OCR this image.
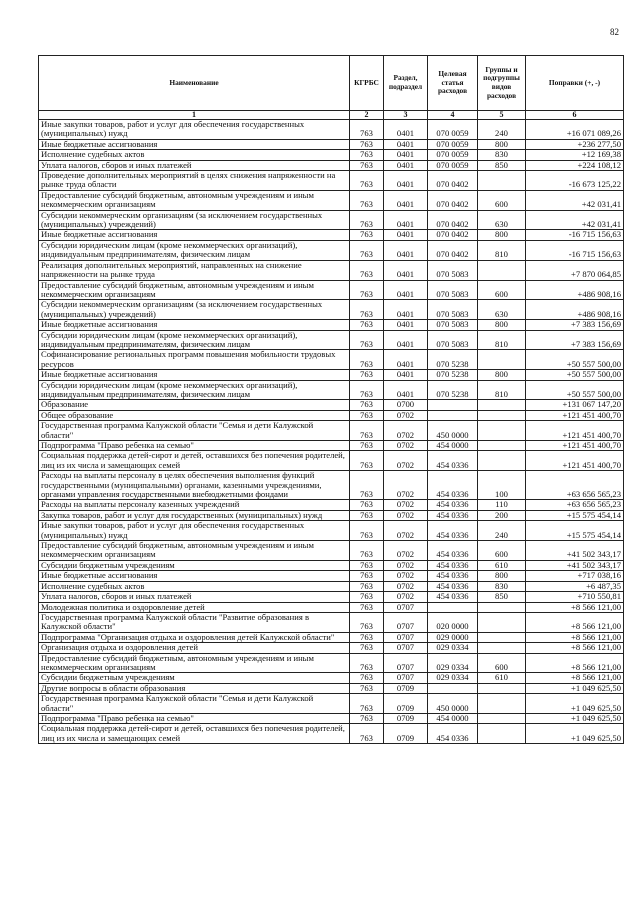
82
Наименование	КГРБС	Раздел, подраздел	Целевая статья расходов	Группы и подгруппы видов расходов	Поправки (+, -)
1	2	3	4	5	6
Иные закупки товаров, работ и услуг для обеспечения государственных (муниципальных) нужд	763	0401	070 0059	240	+16 071 089,26
Иные бюджетные ассигнования	763	0401	070 0059	800	+236 277,50
Исполнение судебных актов	763	0401	070 0059	830	+12 169,38
Уплата налогов, сборов и иных платежей	763	0401	070 0059	850	+224 108,12
Проведение дополнительных мероприятий в целях снижения напряженности на рынке труда области	763	0401	070 0402		-16 673 125,22
Предоставление субсидий бюджетным, автономным учреждениям и иным некоммерческим организациям	763	0401	070 0402	600	+42 031,41
Субсидии некоммерческим организациям (за исключением государственных (муниципальных) учреждений)	763	0401	070 0402	630	+42 031,41
Иные бюджетные ассигнования	763	0401	070 0402	800	-16 715 156,63
Субсидии юридическим лицам (кроме некоммерческих организаций), индивидуальным предпринимателям, физическим лицам	763	0401	070 0402	810	-16 715 156,63
Реализация дополнительных мероприятий, направленных на снижение напряженности на рынке труда	763	0401	070 5083		+7 870 064,85
Предоставление субсидий бюджетным, автономным учреждениям и иным некоммерческим организациям	763	0401	070 5083	600	+486 908,16
Субсидии некоммерческим организациям (за исключением государственных (муниципальных) учреждений)	763	0401	070 5083	630	+486 908,16
Иные бюджетные ассигнования	763	0401	070 5083	800	+7 383 156,69
Субсидии юридическим лицам (кроме некоммерческих организаций), индивидуальным предпринимателям, физическим лицам	763	0401	070 5083	810	+7 383 156,69
Софинансирование региональных программ повышения мобильности трудовых ресурсов	763	0401	070 5238		+50 557 500,00
Иные бюджетные ассигнования	763	0401	070 5238	800	+50 557 500,00
Субсидии юридическим лицам (кроме некоммерческих организаций), индивидуальным предпринимателям, физическим лицам	763	0401	070 5238	810	+50 557 500,00
Образование	763	0700			+131 067 147,20
Общее образование	763	0702			+121 451 400,70
Государственная программа Калужской области "Семья и дети Калужской области"	763	0702	450 0000		+121 451 400,70
Подпрограмма "Право ребенка на семью"	763	0702	454 0000		+121 451 400,70
Социальная поддержка детей-сирот и детей, оставшихся без попечения родителей, лиц из их числа и замещающих семей	763	0702	454 0336		+121 451 400,70
Расходы на выплаты персоналу в целях обеспечения выполнения функций государственными (муниципальными) органами, казенными учреждениями, органами управления государственными внебюджетными фондами	763	0702	454 0336	100	+63 656 565,23
Расходы на выплаты персоналу казенных учреждений	763	0702	454 0336	110	+63 656 565,23
Закупка товаров, работ и услуг для государственных (муниципальных) нужд	763	0702	454 0336	200	+15 575 454,14
Иные закупки товаров, работ и услуг для обеспечения государственных (муниципальных) нужд	763	0702	454 0336	240	+15 575 454,14
Предоставление субсидий бюджетным, автономным учреждениям и иным некоммерческим организациям	763	0702	454 0336	600	+41 502 343,17
Субсидии бюджетным учреждениям	763	0702	454 0336	610	+41 502 343,17
Иные бюджетные ассигнования	763	0702	454 0336	800	+717 038,16
Исполнение судебных актов	763	0702	454 0336	830	+6 487,35
Уплата налогов, сборов и иных платежей	763	0702	454 0336	850	+710 550,81
Молодежная политика и оздоровление детей	763	0707			+8 566 121,00
Государственная программа Калужской области "Развитие образования в Калужской области"	763	0707	020 0000		+8 566 121,00
Подпрограмма "Организация отдыха и оздоровления детей Калужской области"	763	0707	029 0000		+8 566 121,00
Организация отдыха и оздоровления детей	763	0707	029 0334		+8 566 121,00
Предоставление субсидий бюджетным, автономным учреждениям и иным некоммерческим организациям	763	0707	029 0334	600	+8 566 121,00
Субсидии бюджетным учреждениям	763	0707	029 0334	610	+8 566 121,00
Другие вопросы в области образования	763	0709			+1 049 625,50
Государственная программа Калужской области "Семья и дети Калужской области"	763	0709	450 0000		+1 049 625,50
Подпрограмма "Право ребенка на семью"	763	0709	454 0000		+1 049 625,50
Социальная поддержка детей-сирот и детей, оставшихся без попечения родителей, лиц из их числа и замещающих семей	763	0709	454 0336		+1 049 625,50
